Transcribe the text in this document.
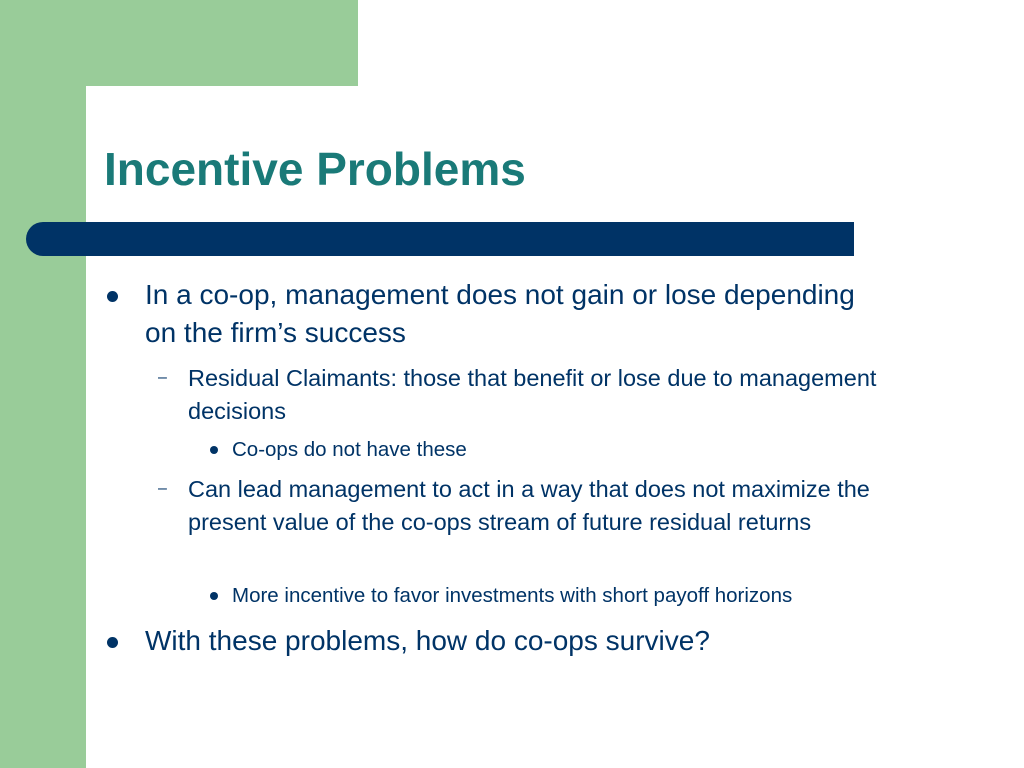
Incentive Problems

In a co-op, management does not gain or lose depending on the firm’s success

– Residual Claimants: those that benefit or lose due to management decisions

Co-ops do not have these

– Can lead management to act in a way that does not maximize the present value of the co-ops stream of future residual returns

More incentive to favor investments with short payoff horizons

With these problems, how do co-ops survive?
